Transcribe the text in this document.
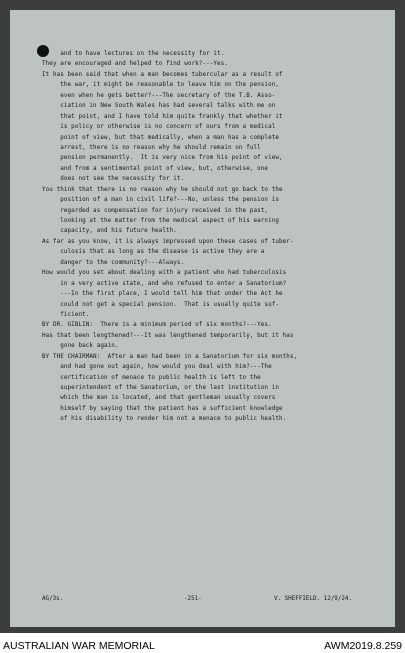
and to have lectures on the necessity for it.
They are encouraged and helped to find work?---Yes.
It has been said that when a man becomes tubercular as a result of
the war, it might be reasonable to leave him on the pension,
even when he gets better?---The secretary of the T.B. Asso-
ciation in New South Wales has had several talks with me on
that point, and I have told him quite frankly that whether it
is policy or otherwise is no concern of ours from a medical
point of view, but that medically, when a man has a complete
arrest, there is no reason why he should remain on full
pension permanently.  It is very nice from his point of view,
and from a sentimental point of view, but, otherwise, one
does not see the necessity for it.
You think that there is no reason why he should not go back to the
position of a man in civil life?---No, unless the pension is
regarded as compensation for injury received in the past,
looking at the matter from the medical aspect of his earning
capacity, and his future health.
As far as you know, it is always impressed upon these cases of tuber-
culosis that as long as the disease is active they are a
danger to the community?---Always.
How would you set about dealing with a patient who had tuberculosis
in a very active state, and who refused to enter a Sanatorium?
---In the first place, I would tell him that under the Act he
could not get a special pension.  That is usually quite suf-
ficient.
BY DR. GIBLIN:  There is a minimum period of six months?---Yes.
Has that been lengthened?---It was lengthened temporarily, but it has
gone back again.
BY THE CHAIRMAN:  After a man had been in a Sanatorium for six months,
and had gone out again, how would you deal with him?---The
certification of menace to public health is left to the
superintendent of the Sanatorium, or the last institution in
which the man is located, and that gentleman usually covers
himself by saying that the patient has a sufficient knowledge
of his disability to render him not a menace to public health.
AG/3s.	-251-	V. SHEFFIELD. 12/9/24.
AUSTRALIAN WAR MEMORIAL	AWM2019.8.259
